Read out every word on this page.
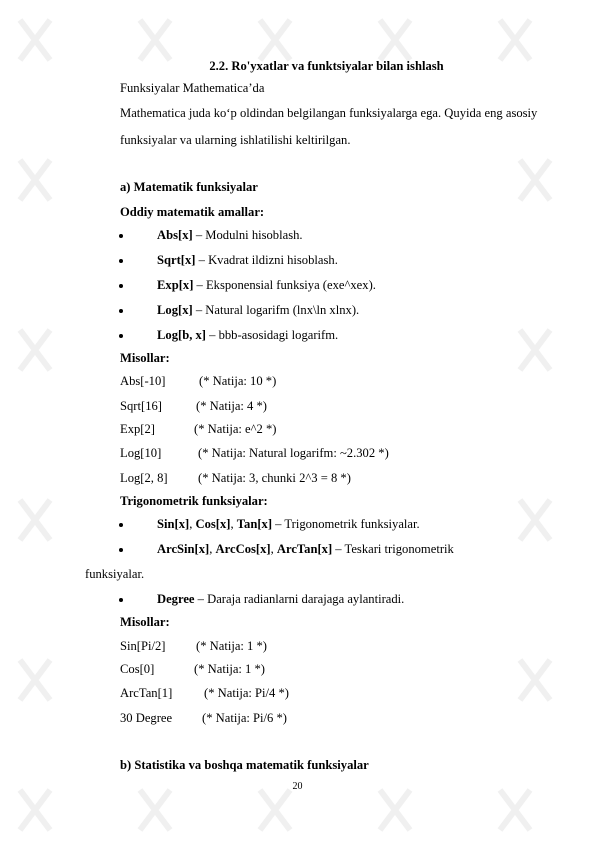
2.2. Ro'yxatlar va funktsiyalar bilan ishlash
Funksiyalar Mathematica’da
Mathematica juda ko‘p oldindan belgilangan funksiyalarga ega. Quyida eng asosiy funksiyalar va ularning ishlatilishi keltirilgan.
a) Matematik funksiyalar
Oddiy matematik amallar:
Abs[x] – Modulni hisoblash.
Sqrt[x] – Kvadrat ildizni hisoblash.
Exp[x] – Eksponensial funksiya (exe^xex).
Log[x] – Natural logarifm (lnx\ln xlnx).
Log[b, x] – bbb-asosidagi logarifm.
Misollar:
Abs[-10]	(* Natija: 10 *)
Sqrt[16]	(* Natija: 4 *)
Exp[2]	(* Natija: e^2 *)
Log[10]	(* Natija: Natural logarifm: ~2.302 *)
Log[2, 8] (* Natija: 3, chunki 2^3 = 8 *)
Trigonometrik funksiyalar:
Sin[x], Cos[x], Tan[x] – Trigonometrik funksiyalar.
ArcSin[x], ArcCos[x], ArcTan[x] – Teskari trigonometrik
funksiyalar.
Degree – Daraja radianlarni darajaga aylantiradi.
Misollar:
Sin[Pi/2] (* Natija: 1 *)
Cos[0]	(* Natija: 1 *)
ArcTan[1]	(* Natija: Pi/4 *)
30 Degree (* Natija: Pi/6 *)
b) Statistika va boshqa matematik funksiyalar
20
